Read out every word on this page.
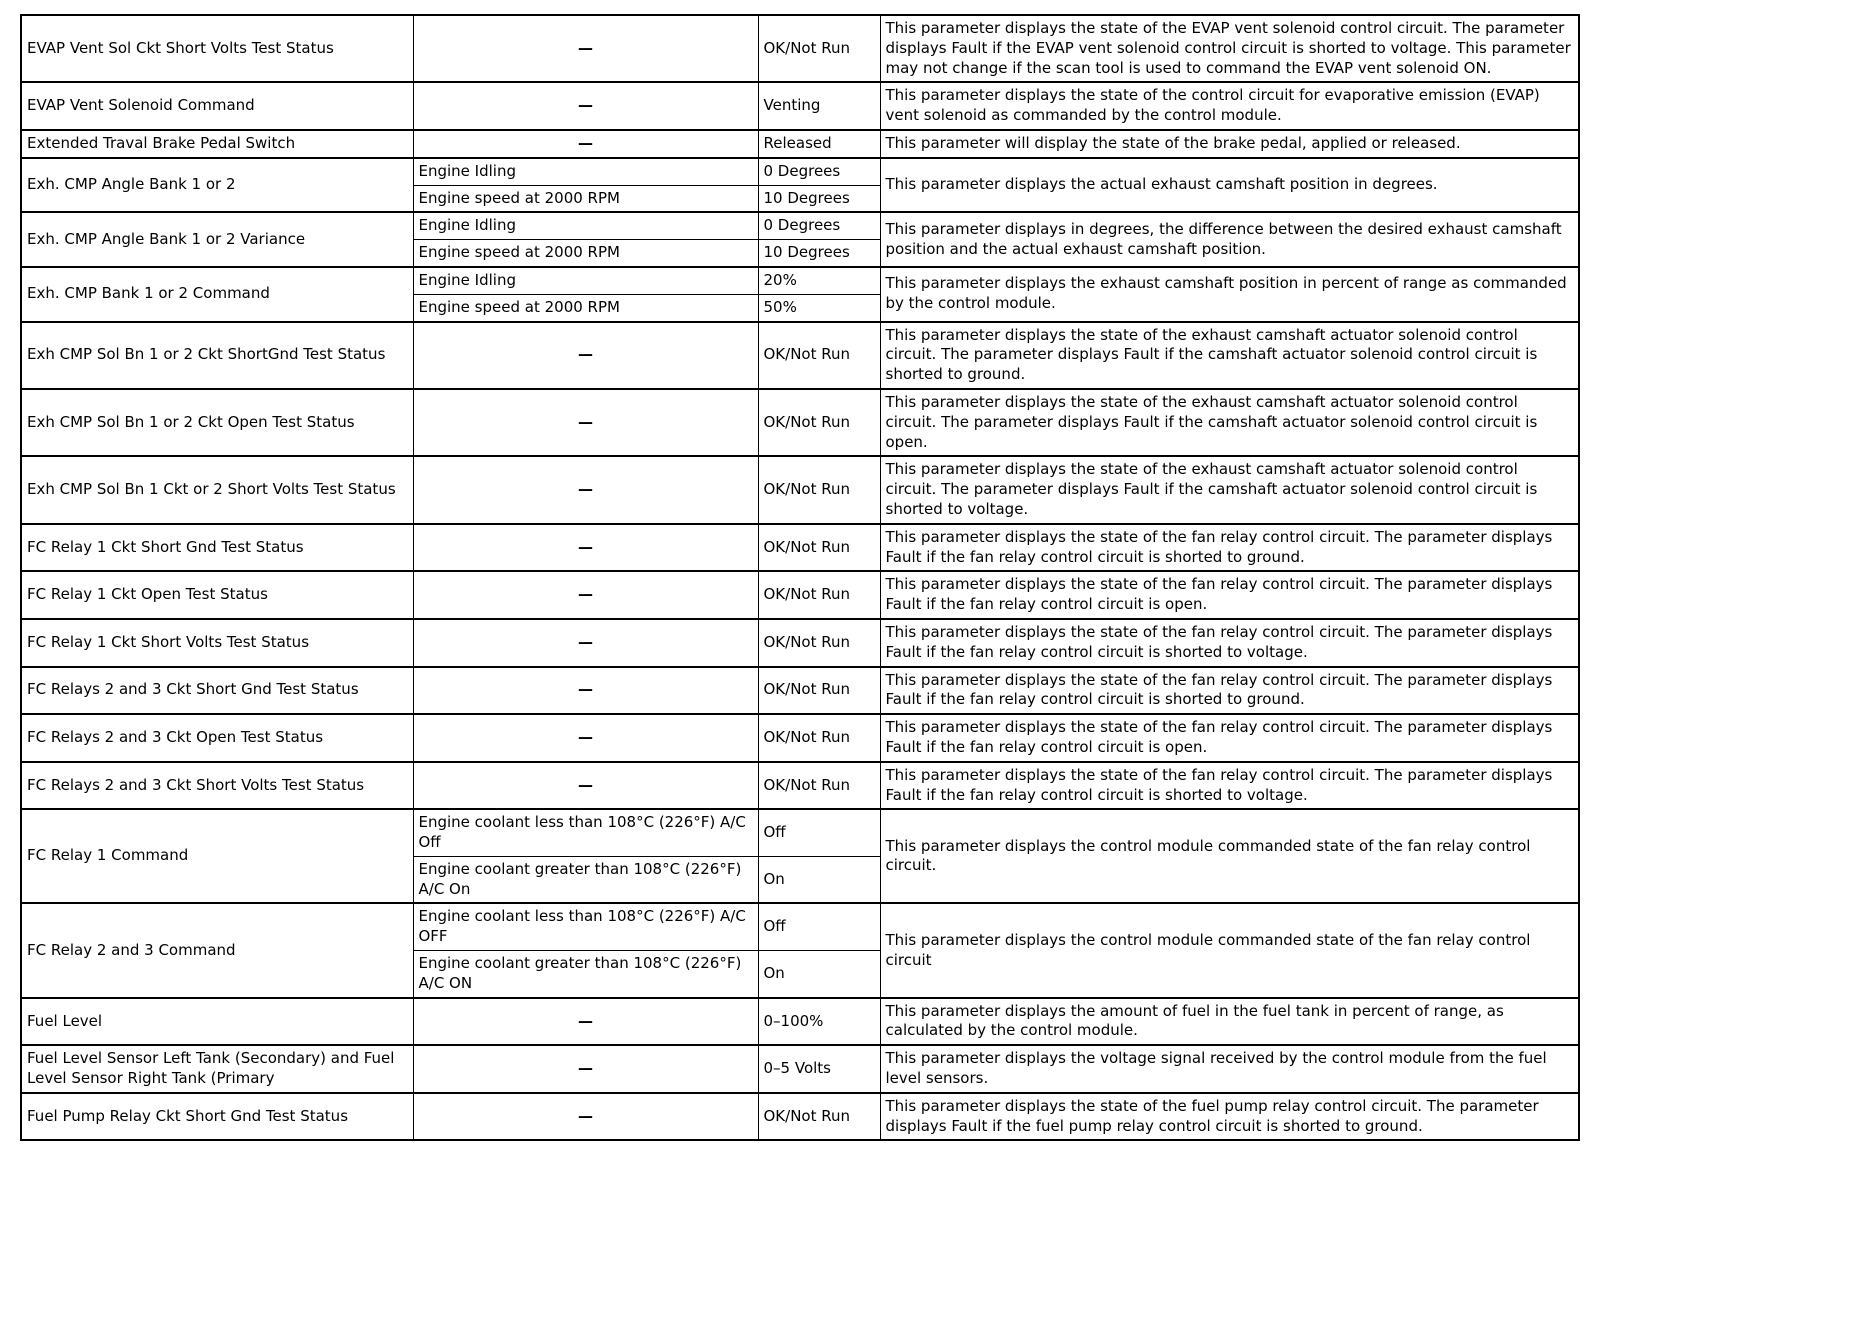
EVAP Vent Sol Ckt Short Volts Test Status	—	OK/Not Run	This parameter displays the state of the EVAP vent solenoid control circuit. The parameter displays Fault if the EVAP vent solenoid control circuit is shorted to voltage. This parameter may not change if the scan tool is used to command the EVAP vent solenoid ON.
EVAP Vent Solenoid Command	—	Venting	This parameter displays the state of the control circuit for evaporative emission (EVAP) vent solenoid as commanded by the control module.
Extended Traval Brake Pedal Switch	—	Released	This parameter will display the state of the brake pedal, applied or released.
Exh. CMP Angle Bank 1 or 2	Engine Idling	0 Degrees	This parameter displays the actual exhaust camshaft position in degrees.
	Engine speed at 2000 RPM	10 Degrees	
Exh. CMP Angle Bank 1 or 2 Variance	Engine Idling	0 Degrees	This parameter displays in degrees, the difference between the desired exhaust camshaft position and the actual exhaust camshaft position.
	Engine speed at 2000 RPM	10 Degrees	
Exh. CMP Bank 1 or 2 Command	Engine Idling	20%	This parameter displays the exhaust camshaft position in percent of range as commanded by the control module.
	Engine speed at 2000 RPM	50%	
Exh CMP Sol Bn 1 or 2 Ckt ShortGnd Test Status	—	OK/Not Run	This parameter displays the state of the exhaust camshaft actuator solenoid control circuit. The parameter displays Fault if the camshaft actuator solenoid control circuit is shorted to ground.
Exh CMP Sol Bn 1 or 2 Ckt Open Test Status	—	OK/Not Run	This parameter displays the state of the exhaust camshaft actuator solenoid control circuit. The parameter displays Fault if the camshaft actuator solenoid control circuit is open.
Exh CMP Sol Bn 1 Ckt or 2 Short Volts Test Status	—	OK/Not Run	This parameter displays the state of the exhaust camshaft actuator solenoid control circuit. The parameter displays Fault if the camshaft actuator solenoid control circuit is shorted to voltage.
FC Relay 1 Ckt Short Gnd Test Status	—	OK/Not Run	This parameter displays the state of the fan relay control circuit. The parameter displays Fault if the fan relay control circuit is shorted to ground.
FC Relay 1 Ckt Open Test Status	—	OK/Not Run	This parameter displays the state of the fan relay control circuit. The parameter displays Fault if the fan relay control circuit is open.
FC Relay 1 Ckt Short Volts Test Status	—	OK/Not Run	This parameter displays the state of the fan relay control circuit. The parameter displays Fault if the fan relay control circuit is shorted to voltage.
FC Relays 2 and 3 Ckt Short Gnd Test Status	—	OK/Not Run	This parameter displays the state of the fan relay control circuit. The parameter displays Fault if the fan relay control circuit is shorted to ground.
FC Relays 2 and 3 Ckt Open Test Status	—	OK/Not Run	This parameter displays the state of the fan relay control circuit. The parameter displays Fault if the fan relay control circuit is open.
FC Relays 2 and 3 Ckt Short Volts Test Status	—	OK/Not Run	This parameter displays the state of the fan relay control circuit. The parameter displays Fault if the fan relay control circuit is shorted to voltage.
FC Relay 1 Command	Engine coolant less than 108°C (226°F) A/C Off	Off	This parameter displays the control module commanded state of the fan relay control circuit.
	Engine coolant greater than 108°C (226°F) A/C On	On	
FC Relay 2 and 3 Command	Engine coolant less than 108°C (226°F) A/C OFF	Off	This parameter displays the control module commanded state of the fan relay control circuit
	Engine coolant greater than 108°C (226°F) A/C ON	On	
Fuel Level	—	0–100%	This parameter displays the amount of fuel in the fuel tank in percent of range, as calculated by the control module.
Fuel Level Sensor Left Tank (Secondary) and Fuel Level Sensor Right Tank (Primary	—	0–5 Volts	This parameter displays the voltage signal received by the control module from the fuel level sensors.
Fuel Pump Relay Ckt Short Gnd Test Status	—	OK/Not Run	This parameter displays the state of the fuel pump relay control circuit. The parameter displays Fault if the fuel pump relay control circuit is shorted to ground.
